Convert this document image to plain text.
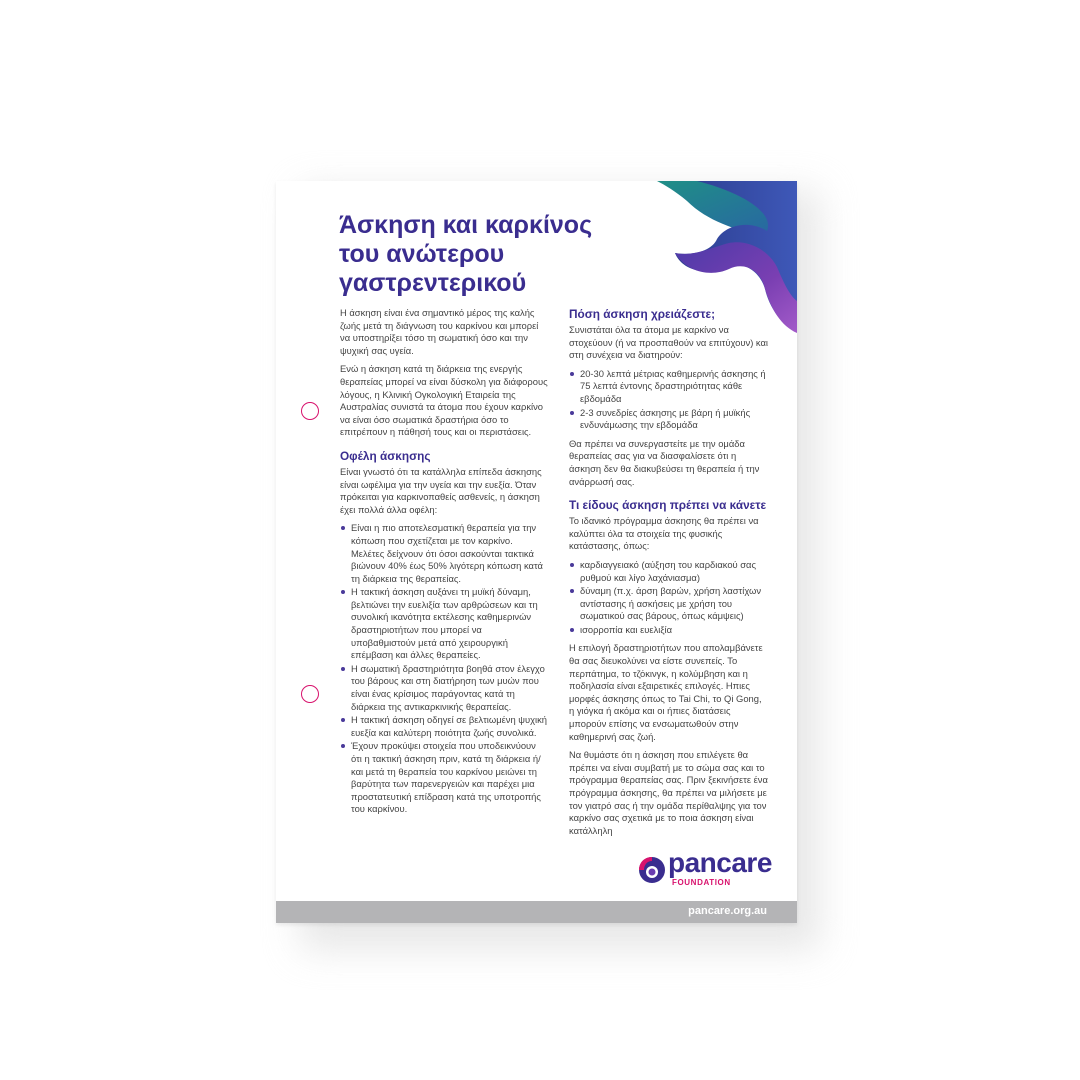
Άσκηση και καρκίνος
του ανώτερου
γαστρεντερικού

Η άσκηση είναι ένα σημαντικό μέρος της καλής ζωής μετά τη διάγνωση του καρκίνου και μπορεί να υποστηρίξει τόσο τη σωματική όσο και την ψυχική σας υγεία.

Ενώ η άσκηση κατά τη διάρκεια της ενεργής θεραπείας μπορεί να είναι δύσκολη για διάφορους λόγους, η Κλινική Ογκολογική Εταιρεία της Αυστραλίας συνιστά τα άτομα που έχουν καρκίνο να είναι όσο σωματικά δραστήρια όσο το επιτρέπουν η πάθησή τους και οι περιστάσεις.

Οφέλη άσκησης

Είναι γνωστό ότι τα κατάλληλα επίπεδα άσκησης είναι ωφέλιμα για την υγεία και την ευεξία. Όταν πρόκειται για καρκινοπαθείς ασθενείς, η άσκηση έχει πολλά άλλα οφέλη:

Είναι η πιο αποτελεσματική θεραπεία για την κόπωση που σχετίζεται με τον καρκίνο. Μελέτες δείχνουν ότι όσοι ασκούνται τακτικά βιώνουν 40% έως 50% λιγότερη κόπωση κατά τη διάρκεια της θεραπείας.
Η τακτική άσκηση αυξάνει τη μυϊκή δύναμη, βελτιώνει την ευελιξία των αρθρώσεων και τη συνολική ικανότητα εκτέλεσης καθημερινών δραστηριοτήτων που μπορεί να υποβαθμιστούν μετά από χειρουργική επέμβαση και άλλες θεραπείες.
Η σωματική δραστηριότητα βοηθά στον έλεγχο του βάρους και στη διατήρηση των μυών που είναι ένας κρίσιμος παράγοντας κατά τη διάρκεια της αντικαρκινικής θεραπείας.
Η τακτική άσκηση οδηγεί σε βελτιωμένη ψυχική ευεξία και καλύτερη ποιότητα ζωής συνολικά.
Έχουν προκύψει στοιχεία που υποδεικνύουν ότι η τακτική άσκηση πριν, κατά τη διάρκεια ή/και μετά τη θεραπεία του καρκίνου μειώνει τη βαρύτητα των παρενεργειών και παρέχει μια προστατευτική επίδραση κατά της υποτροπής του καρκίνου.
Πόση άσκηση χρειάζεστε;

Συνιστάται όλα τα άτομα με καρκίνο να στοχεύουν (ή να προσπαθούν να επιτύχουν) και στη συνέχεια να διατηρούν:

20-30 λεπτά μέτριας καθημερινής άσκησης ή 75 λεπτά έντονης δραστηριότητας κάθε εβδομάδα
2-3 συνεδρίες άσκησης με βάρη ή μυϊκής ενδυνάμωσης την εβδομάδα

Θα πρέπει να συνεργαστείτε με την ομάδα θεραπείας σας για να διασφαλίσετε ότι η άσκηση δεν θα διακυβεύσει τη θεραπεία ή την ανάρρωσή σας.

Τι είδους άσκηση πρέπει να κάνετε

Το ιδανικό πρόγραμμα άσκησης θα πρέπει να καλύπτει όλα τα στοιχεία της φυσικής κατάστασης, όπως:

καρδιαγγειακό (αύξηση του καρδιακού σας ρυθμού και λίγο λαχάνιασμα)
δύναμη (π.χ. άρση βαρών, χρήση λαστίχων αντίστασης ή ασκήσεις με χρήση του σωματικού σας βάρους, όπως κάμψεις)
ισορροπία και ευελιξία

Η επιλογή δραστηριοτήτων που απολαμβάνετε θα σας διευκολύνει να είστε συνεπείς. Το περπάτημα, το τζόκινγκ, η κολύμβηση και η ποδηλασία είναι εξαιρετικές επιλογές. Ηπιες μορφές άσκησης όπως το Tai Chi, το Qi Gong, η γιόγκα ή ακόμα και οι ήπιες διατάσεις μπορούν επίσης να ενσωματωθούν στην καθημερινή σας ζωή.

Να θυμάστε ότι η άσκηση που επιλέγετε θα πρέπει να είναι συμβατή με το σώμα σας και το πρόγραμμα θεραπείας σας. Πριν ξεκινήσετε ένα πρόγραμμα άσκησης, θα πρέπει να μιλήσετε με τον γιατρό σας ή την ομάδα περίθαλψης για τον καρκίνο σας σχετικά με το ποια άσκηση είναι κατάλληλη

pancare
FOUNDATION
pancare.org.au
